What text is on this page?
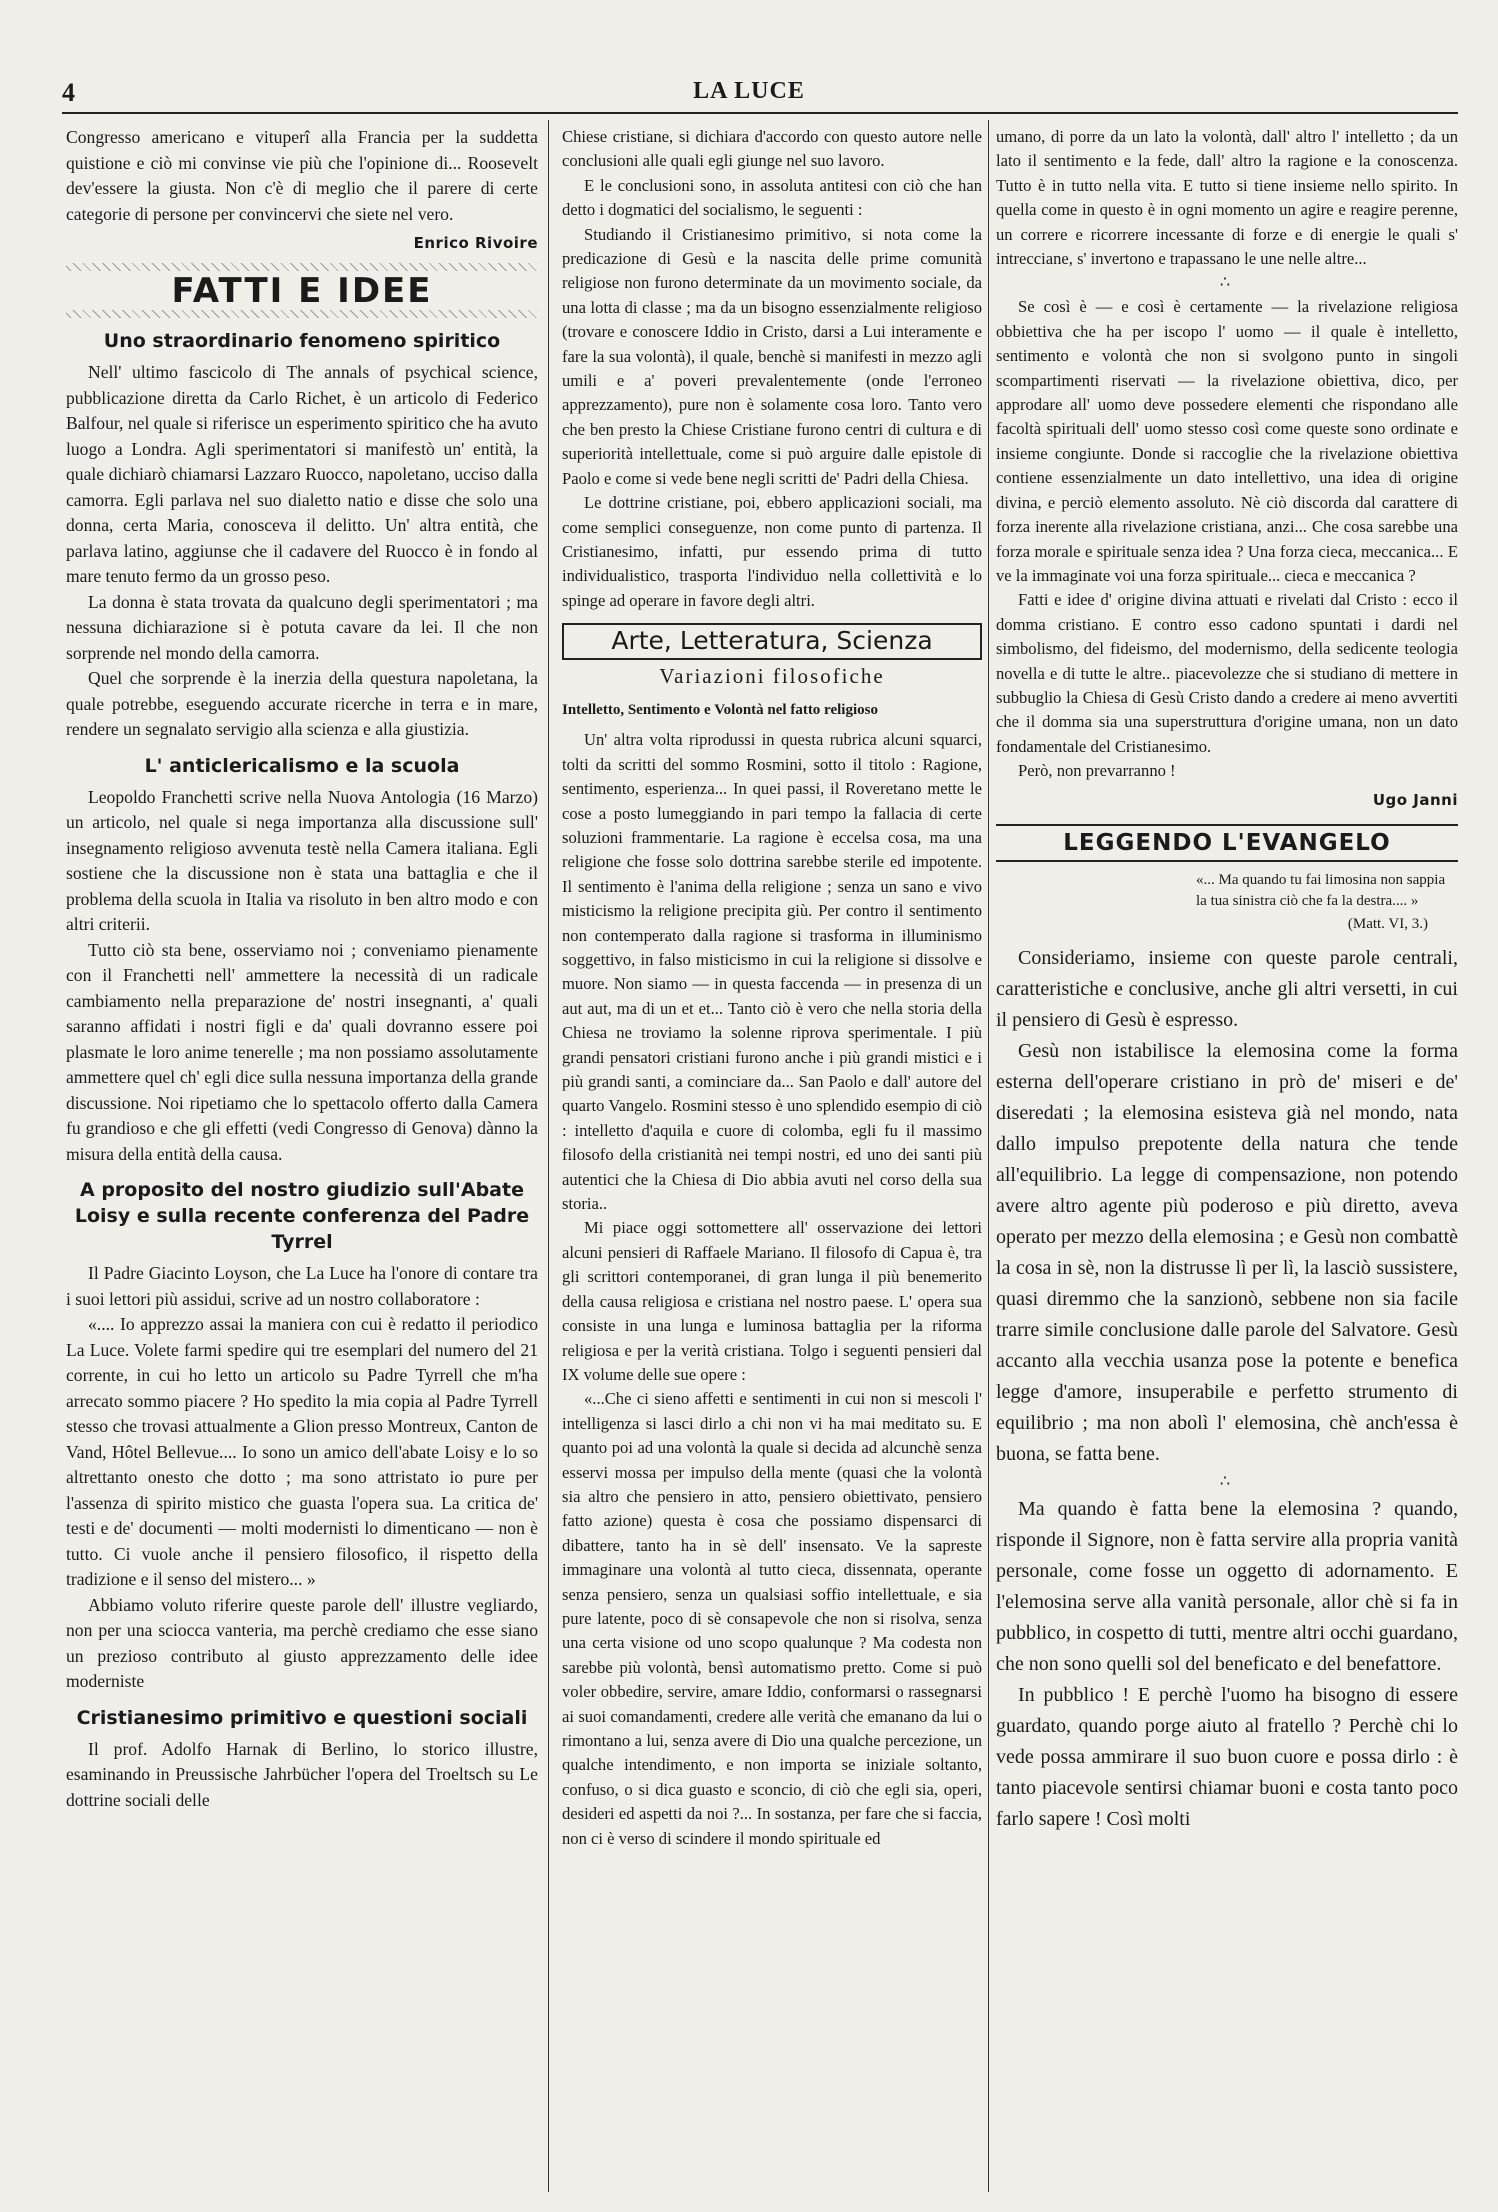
4	LA LUCE

Congresso americano e vituperî alla Francia per la suddetta quistione e ciò mi convinse vie più che l'opinione di... Roosevelt dev'essere la giusta. Non c'è di meglio che il parere di certe categorie di persone per convincervi che siete nel vero.

Enrico Rivoire
FATTI E IDEE
Uno straordinario fenomeno spiritico

Nell' ultimo fascicolo di The annals of psychical science, pubblicazione diretta da Carlo Richet, è un articolo di Federico Balfour, nel quale si riferisce un esperimento spiritico che ha avuto luogo a Londra. Agli sperimentatori si manifestò un' entità, la quale dichiarò chiamarsi Lazzaro Ruocco, napoletano, ucciso dalla camorra. Egli parlava nel suo dialetto natio e disse che solo una donna, certa Maria, conosceva il delitto. Un' altra entità, che parlava latino, aggiunse che il cadavere del Ruocco è in fondo al mare tenuto fermo da un grosso peso.

La donna è stata trovata da qualcuno degli sperimentatori ; ma nessuna dichiarazione si è potuta cavare da lei. Il che non sorprende nel mondo della camorra.

Quel che sorprende è la inerzia della questura napoletana, la quale potrebbe, eseguendo accurate ricerche in terra e in mare, rendere un segnalato servigio alla scienza e alla giustizia.

L' anticlericalismo e la scuola

Leopoldo Franchetti scrive nella Nuova Antologia (16 Marzo) un articolo, nel quale si nega importanza alla discussione sull' insegnamento religioso avvenuta testè nella Camera italiana. Egli sostiene che la discussione non è stata una battaglia e che il problema della scuola in Italia va risoluto in ben altro modo e con altri criterii.

Tutto ciò sta bene, osserviamo noi ; conveniamo pienamente con il Franchetti nell' ammettere la necessità di un radicale cambiamento nella preparazione de' nostri insegnanti, a' quali saranno affidati i nostri figli e da' quali dovranno essere poi plasmate le loro anime tenerelle ; ma non possiamo assolutamente ammettere quel ch' egli dice sulla nessuna importanza della grande discussione. Noi ripetiamo che lo spettacolo offerto dalla Camera fu grandioso e che gli effetti (vedi Congresso di Genova) dànno la misura della entità della causa.

A proposito del nostro giudizio sull'Abate Loisy e sulla recente conferenza del Padre Tyrrel

Il Padre Giacinto Loyson, che La Luce ha l'onore di contare tra i suoi lettori più assidui, scrive ad un nostro collaboratore :

«.... Io apprezzo assai la maniera con cui è redatto il periodico La Luce. Volete farmi spedire qui tre esemplari del numero del 21 corrente, in cui ho letto un articolo su Padre Tyrrell che m'ha arrecato sommo piacere ? Ho spedito la mia copia al Padre Tyrrell stesso che trovasi attualmente a Glion presso Montreux, Canton de Vand, Hôtel Bellevue.... Io sono un amico dell'abate Loisy e lo so altrettanto onesto che dotto ; ma sono attristato io pure per l'assenza di spirito mistico che guasta l'opera sua. La critica de' testi e de' documenti — molti modernisti lo dimenticano — non è tutto. Ci vuole anche il pensiero filosofico, il rispetto della tradizione e il senso del mistero... »

Abbiamo voluto riferire queste parole dell' illustre vegliardo, non per una sciocca vanteria, ma perchè crediamo che esse siano un prezioso contributo al giusto apprezzamento delle idee moderniste

Cristianesimo primitivo e questioni sociali

Il prof. Adolfo Harnak di Berlino, lo storico illustre, esaminando in Preussische Jahrbücher l'opera del Troeltsch su Le dottrine sociali delle

Chiese cristiane, si dichiara d'accordo con questo autore nelle conclusioni alle quali egli giunge nel suo lavoro.

E le conclusioni sono, in assoluta antitesi con ciò che han detto i dogmatici del socialismo, le seguenti :

Studiando il Cristianesimo primitivo, si nota come la predicazione di Gesù e la nascita delle prime comunità religiose non furono determinate da un movimento sociale, da una lotta di classe ; ma da un bisogno essenzialmente religioso (trovare e conoscere Iddio in Cristo, darsi a Lui interamente e fare la sua volontà), il quale, benchè si manifesti in mezzo agli umili e a' poveri prevalentemente (onde l'erroneo apprezzamento), pure non è solamente cosa loro. Tanto vero che ben presto la Chiese Cristiane furono centri di cultura e di superiorità intellettuale, come si può arguire dalle epistole di Paolo e come si vede bene negli scritti de' Padri della Chiesa.

Le dottrine cristiane, poi, ebbero applicazioni sociali, ma come semplici conseguenze, non come punto di partenza. Il Cristianesimo, infatti, pur essendo prima di tutto individualistico, trasporta l'individuo nella collettività e lo spinge ad operare in favore degli altri.

Arte, Letteratura, Scienza
Variazioni filosofiche
Intelletto, Sentimento e Volontà nel fatto religioso

Un' altra volta riprodussi in questa rubrica alcuni squarci, tolti da scritti del sommo Rosmini, sotto il titolo : Ragione, sentimento, esperienza... In quei passi, il Roveretano mette le cose a posto lumeggiando in pari tempo la fallacia di certe soluzioni frammentarie. La ragione è eccelsa cosa, ma una religione che fosse solo dottrina sarebbe sterile ed impotente. Il sentimento è l'anima della religione ; senza un sano e vivo misticismo la religione precipita giù. Per contro il sentimento non contemperato dalla ragione si trasforma in illuminismo soggettivo, in falso misticismo in cui la religione si dissolve e muore. Non siamo — in questa faccenda — in presenza di un aut aut, ma di un et et... Tanto ciò è vero che nella storia della Chiesa ne troviamo la solenne riprova sperimentale. I più grandi pensatori cristiani furono anche i più grandi mistici e i più grandi santi, a cominciare da... San Paolo e dall' autore del quarto Vangelo. Rosmini stesso è uno splendido esempio di ciò : intelletto d'aquila e cuore di colomba, egli fu il massimo filosofo della cristianità nei tempi nostri, ed uno dei santi più autentici che la Chiesa di Dio abbia avuti nel corso della sua storia..

Mi piace oggi sottomettere all' osservazione dei lettori alcuni pensieri di Raffaele Mariano. Il filosofo di Capua è, tra gli scrittori contemporanei, di gran lunga il più benemerito della causa religiosa e cristiana nel nostro paese. L' opera sua consiste in una lunga e luminosa battaglia per la riforma religiosa e per la verità cristiana. Tolgo i seguenti pensieri dal IX volume delle sue opere :

«...Che ci sieno affetti e sentimenti in cui non si mescoli l' intelligenza si lasci dirlo a chi non vi ha mai meditato su. E quanto poi ad una volontà la quale si decida ad alcunchè senza esservi mossa per impulso della mente (quasi che la volontà sia altro che pensiero in atto, pensiero obiettivato, pensiero fatto azione) questa è cosa che possiamo dispensarci di dibattere, tanto ha in sè dell' insensato. Ve la sapreste immaginare una volontà al tutto cieca, dissennata, operante senza pensiero, senza un qualsiasi soffio intellettuale, e sia pure latente, poco di sè consapevole che non si risolva, senza una certa visione od uno scopo qualunque ? Ma codesta non sarebbe più volontà, bensì automatismo pretto. Come si può voler obbedire, servire, amare Iddio, conformarsi o rassegnarsi ai suoi comandamenti, credere alle verità che emanano da lui o rimontano a lui, senza avere di Dio una qualche percezione, un qualche intendimento, e non importa se iniziale soltanto, confuso, o si dica guasto e sconcio, di ciò che egli sia, operi, desideri ed aspetti da noi ?... In sostanza, per fare che si faccia, non ci è verso di scindere il mondo spirituale ed

umano, di porre da un lato la volontà, dall' altro l' intelletto ; da un lato il sentimento e la fede, dall' altro la ragione e la conoscenza. Tutto è in tutto nella vita. E tutto si tiene insieme nello spirito. In quella come in questo è in ogni momento un agire e reagire perenne, un correre e ricorrere incessante di forze e di energie le quali s' intrecciane, s' invertono e trapassano le une nelle altre...

∴

Se così è — e così è certamente — la rivelazione religiosa obbiettiva che ha per iscopo l' uomo — il quale è intelletto, sentimento e volontà che non si svolgono punto in singoli scompartimenti riservati — la rivelazione obiettiva, dico, per approdare all' uomo deve possedere elementi che rispondano alle facoltà spirituali dell' uomo stesso così come queste sono ordinate e insieme congiunte. Donde si raccoglie che la rivelazione obiettiva contiene essenzialmente un dato intellettivo, una idea di origine divina, e perciò elemento assoluto. Nè ciò discorda dal carattere di forza inerente alla rivelazione cristiana, anzi... Che cosa sarebbe una forza morale e spirituale senza idea ? Una forza cieca, meccanica... E ve la immaginate voi una forza spirituale... cieca e meccanica ?

Fatti e idee d' origine divina attuati e rivelati dal Cristo : ecco il domma cristiano. E contro esso cadono spuntati i dardi nel simbolismo, del fideismo, del modernismo, della sedicente teologia novella e di tutte le altre.. piacevolezze che si studiano di mettere in subbuglio la Chiesa di Gesù Cristo dando a credere ai meno avvertiti che il domma sia una superstruttura d'origine umana, non un dato fondamentale del Cristianesimo.

Però, non prevarranno !

Ugo Janni
LEGGENDO L'EVANGELO
«... Ma quando tu fai limosina non sappia la tua sinistra ciò che fa la destra.... »
(Matt. VI, 3.)

Consideriamo, insieme con queste parole centrali, caratteristiche e conclusive, anche gli altri versetti, in cui il pensiero di Gesù è espresso.

Gesù non istabilisce la elemosina come la forma esterna dell'operare cristiano in prò de' miseri e de' diseredati ; la elemosina esisteva già nel mondo, nata dallo impulso prepotente della natura che tende all'equilibrio. La legge di compensazione, non potendo avere altro agente più poderoso e più diretto, aveva operato per mezzo della elemosina ; e Gesù non combattè la cosa in sè, non la distrusse lì per lì, la lasciò sussistere, quasi diremmo che la sanzionò, sebbene non sia facile trarre simile conclusione dalle parole del Salvatore. Gesù accanto alla vecchia usanza pose la potente e benefica legge d'amore, insuperabile e perfetto strumento di equilibrio ; ma non abolì l' elemosina, chè anch'essa è buona, se fatta bene.

∴

Ma quando è fatta bene la elemosina ? quando, risponde il Signore, non è fatta servire alla propria vanità personale, come fosse un oggetto di adornamento. E l'elemosina serve alla vanità personale, allor chè si fa in pubblico, in cospetto di tutti, mentre altri occhi guardano, che non sono quelli sol del beneficato e del benefattore.

In pubblico ! E perchè l'uomo ha bisogno di essere guardato, quando porge aiuto al fratello ? Perchè chi lo vede possa ammirare il suo buon cuore e possa dirlo : è tanto piacevole sentirsi chiamar buoni e costa tanto poco farlo sapere ! Così molti
